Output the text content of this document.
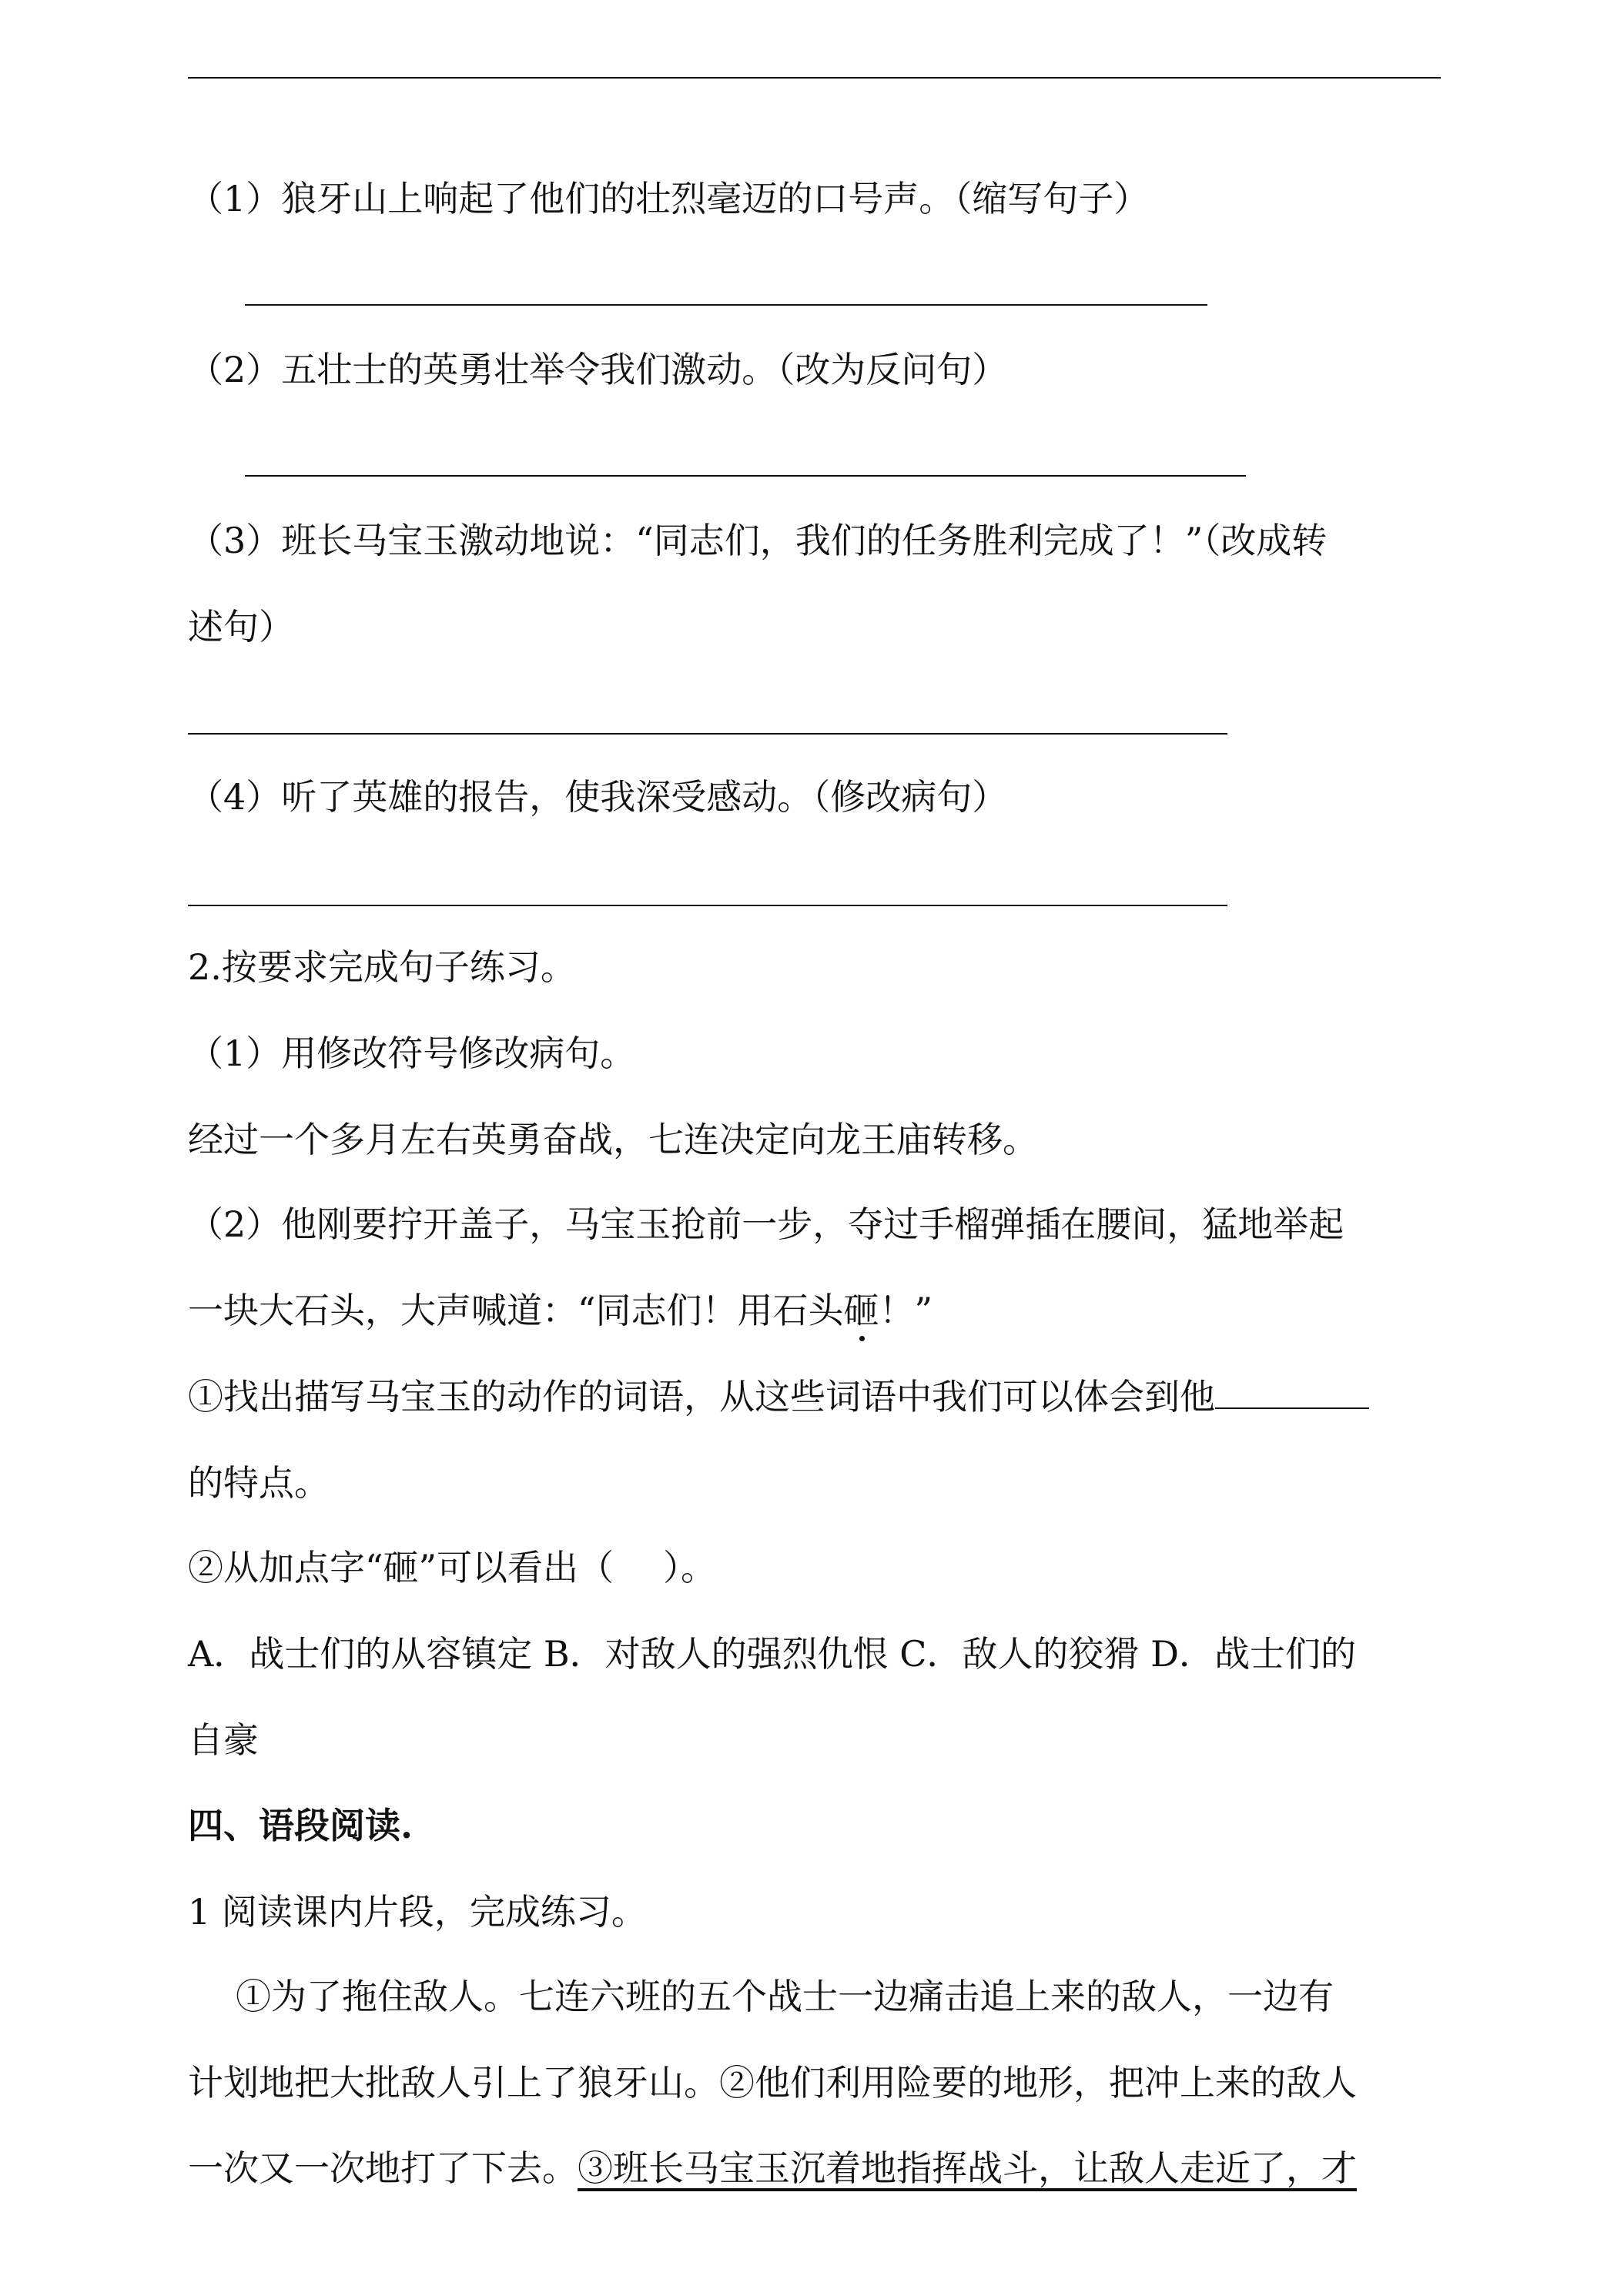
（1）狼牙山上响起了他们的壮烈毫迈的口号声。（缩写句子）
（2）五壮士的英勇壮举令我们激动。（改为反问句）
（3）班长马宝玉激动地说：“同志们，我们的任务胜利完成了！”（改成转
述句）
（4）听了英雄的报告，使我深受感动。（修改病句）
2.按要求完成句子练习。
（1）用修改符号修改病句。
经过一个多月左右英勇奋战，七连决定向龙王庙转移。
（2）他刚要拧开盖子，马宝玉抢前一步，夺过手榴弹插在腰间，猛地举起
一块大石头，大声喊道：“同志们！用石头砸！”
①找出描写马宝玉的动作的词语，从这些词语中我们可以体会到他
的特点。
②从加点字“砸”可以看出（ ）。
A．战士们的从容镇定 B．对敌人的强烈仇恨 C．敌人的狡猾 D．战士们的
自豪
四、语段阅读.
1 阅读课内片段，完成练习。
①为了拖住敌人。七连六班的五个战士一边痛击追上来的敌人，一边有
计划地把大批敌人引上了狼牙山。②他们利用险要的地形，把冲上来的敌人
一次又一次地打了下去。③班长马宝玉沉着地指挥战斗，让敌人走近了，才
